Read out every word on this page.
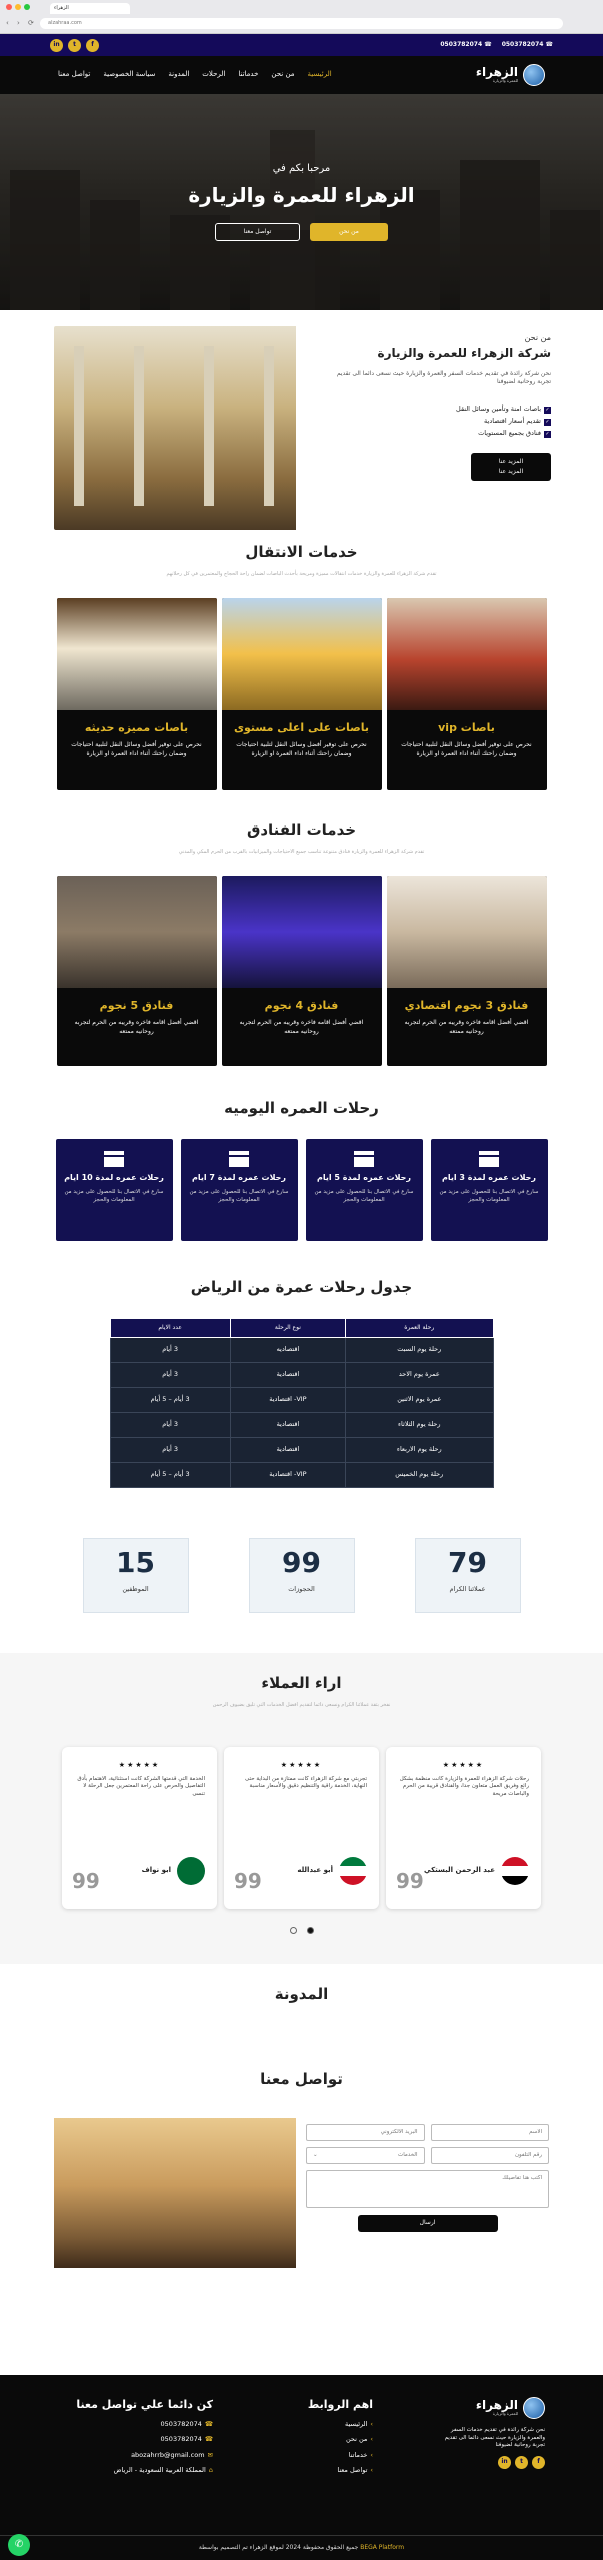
الزهراء
‹ › ⟳	alzahraa.com
☎ 0503782074
☎ 0503782074
f
t
in
الزهراء
للعمرة والزيارة
الرئيسية
من نحن
خدماتنا
الرحلات
المدونة
سياسة الخصوصية
تواصل معنا
مرحبا بكم في
الزهراء للعمرة والزيارة
تواصل معنا	من نحن
من نحن
شركة الزهراء للعمرة والزيارة
نحن شركة رائدة في تقديم خدمات السفر والعمرة والزيارة حيث نسعى دائما الى تقديم تجربة روحانية لضيوفنا
✓باصات امنة وتأمين وسائل النقل
✓تقديم أسعار اقتصادية
✓فنادق بجميع المستويات
المزيد عنا
المزيد عنا
خدمات الانتقال
تقدم شركة الزهراء للعمرة والزيارة خدمات انتقالات مميزة ومريحة بأحدث الباصات لضمان راحة الحجاج والمعتمرين في كل رحلاتهم
باصات vip
نحرص على توفير أفضل وسائل النقل لتلبية احتياجات وضمان راحتك أثناء اداء العمرة او الزيارة
باصات على اعلى مستوى
نحرص على توفير أفضل وسائل النقل لتلبية احتياجات وضمان راحتك أثناء اداء العمرة او الزيارة
باصات مميزه حديثه
نحرص على توفير أفضل وسائل النقل لتلبية احتياجات وضمان راحتك أثناء اداء العمرة او الزيارة
خدمات الفنادق
تقدم شركة الزهراء للعمرة والزيارة فنادق متنوعة تناسب جميع الاحتياجات والميزانيات بالقرب من الحرم المكي والمدني
فنادق 3 نجوم اقتصادي
اقضي أفضل اقامه فاخره وقريبه من الحرم لتجربه روحانيه ممتعه
فنادق 4 نجوم
اقضي أفضل اقامه فاخره وقريبه من الحرم لتجربه روحانيه ممتعه
فنادق 5 نجوم
اقضي أفضل اقامه فاخره وقريبه من الحرم لتجربه روحانيه ممتعه
رحلات العمره اليوميه
رحلات عمره لمدة 3 ايام
سارع في الاتصال بنا للحصول على مزيد من المعلومات والحجز
رحلات عمره لمدة 5 ايام
سارع في الاتصال بنا للحصول على مزيد من المعلومات والحجز
رحلات عمره لمدة 7 ايام
سارع في الاتصال بنا للحصول على مزيد من المعلومات والحجز
رحلات عمره لمدة 10 ايام
سارع في الاتصال بنا للحصول على مزيد من المعلومات والحجز
جدول رحلات عمرة من الرياض
رحلة العمرة	نوع الرحلة	عدد الايام
رحلة يوم السبت	اقتصاديه	3 أيام
عمرة يوم الاحد	اقتصادية	3 أيام
عمرة يوم الاثنين	VIP- اقتصادية	3 أيام – 5 أيام
رحلة يوم الثلاثاء	اقتصادية	3 أيام
رحلة يوم الاربعاء	اقتصادية	3 أيام
رحلة يوم الخميس	VIP- اقتصادية	3 أيام – 5 أيام
79
عملائنا الكرام
99
الحجوزات
15
الموظفين
اراء العملاء
نفخر بثقة عملائنا الكرام ونسعى دائما لتقديم افضل الخدمات التي تليق بضيوف الرحمن
★★★★★
رحلات شركة الزهراء للعمرة والزيارة كانت منظمة بشكل رائع وفريق العمل متعاون جدا، والفنادق قريبة من الحرم والباصات مريحة
عبد الرحمن البستكي
99
★★★★★
تجربتي مع شركة الزهراء كانت ممتازة من البداية حتى النهاية، الخدمة راقية والتنظيم دقيق والأسعار مناسبة
أبو عبدالله
99
★★★★★
الخدمة التي قدمتها الشركة كانت استثنائية، الاهتمام بأدق التفاصيل والحرص على راحة المعتمرين جعل الرحلة لا تنسى
ابو نواف
99
المدونة
تواصل معنا
الاسم
البريد الالكتروني
رقم التلفون
الخدمات
⌄
اكتب هنا تفاصيلك
ارسال
الزهراء
للعمرة والزيارة
نحن شركة رائدة في تقديم خدمات السفر والعمرة والزيارة حيث نسعى دائما الى تقديم تجربة روحانية لضيوفنا
f
t
in
اهم الروابط
›الرئيسية
›من نحن
›خدماتنا
›تواصل معنا
كن دائما علي تواصل معنا
☎0503782074
☎0503782074
✉abozahrrb@gmail.com
⌂المملكة العربية السعودية - الرياض
BEGA Platform جميع الحقوق محفوظة 2024 لموقع الزهراء تم التصميم بواسطة
✆
